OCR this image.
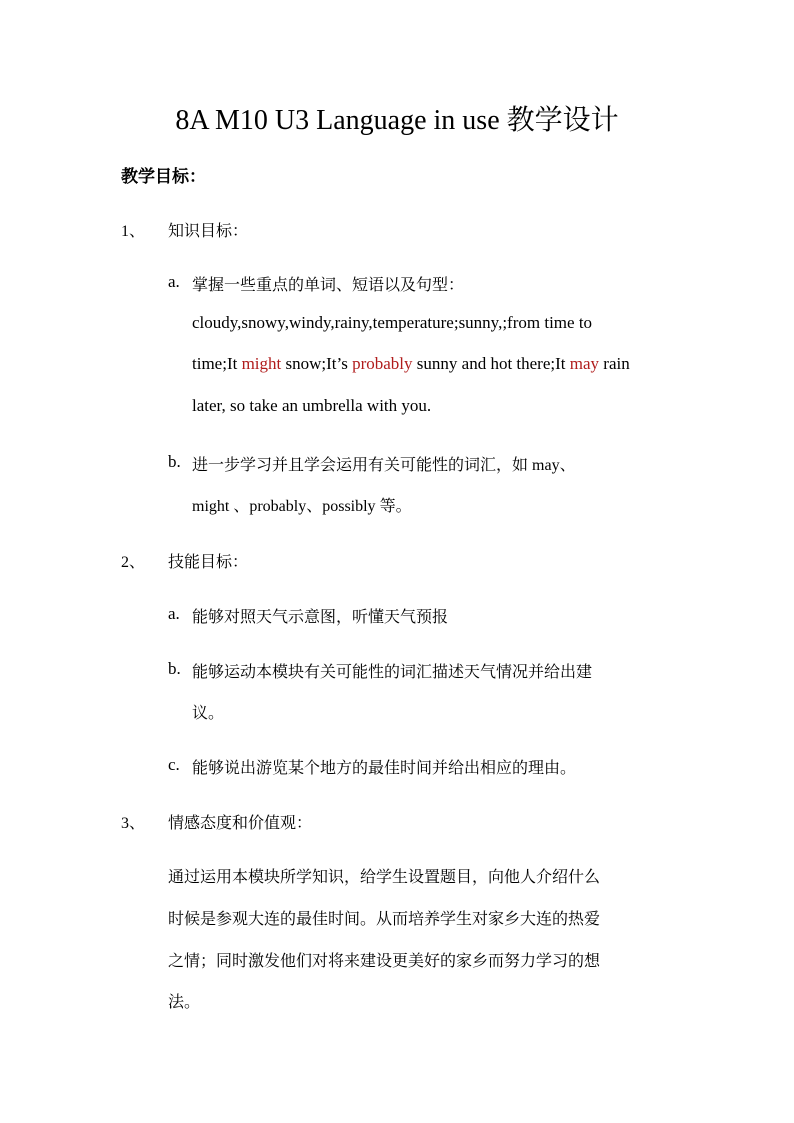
8A M10 U3 Language in use 教学设计
教学目标：
1、 知识目标：
a. 掌握一些重点的单词、短语以及句型：
cloudy,snowy,windy,rainy,temperature;sunny,;from time to
time;It might snow;It’s probably sunny and hot there;It may rain
later, so take an umbrella with you.
b. 进一步学习并且学会运用有关可能性的词汇，如 may、
might 、probably、possibly 等。
2、 技能目标：
a. 能够对照天气示意图，听懂天气预报
b. 能够运动本模块有关可能性的词汇描述天气情况并给出建
议。
c. 能够说出游览某个地方的最佳时间并给出相应的理由。
3、 情感态度和价值观：
通过运用本模块所学知识，给学生设置题目，向他人介绍什么
时候是参观大连的最佳时间。从而培养学生对家乡大连的热爱
之情；同时激发他们对将来建设更美好的家乡而努力学习的想
法。
